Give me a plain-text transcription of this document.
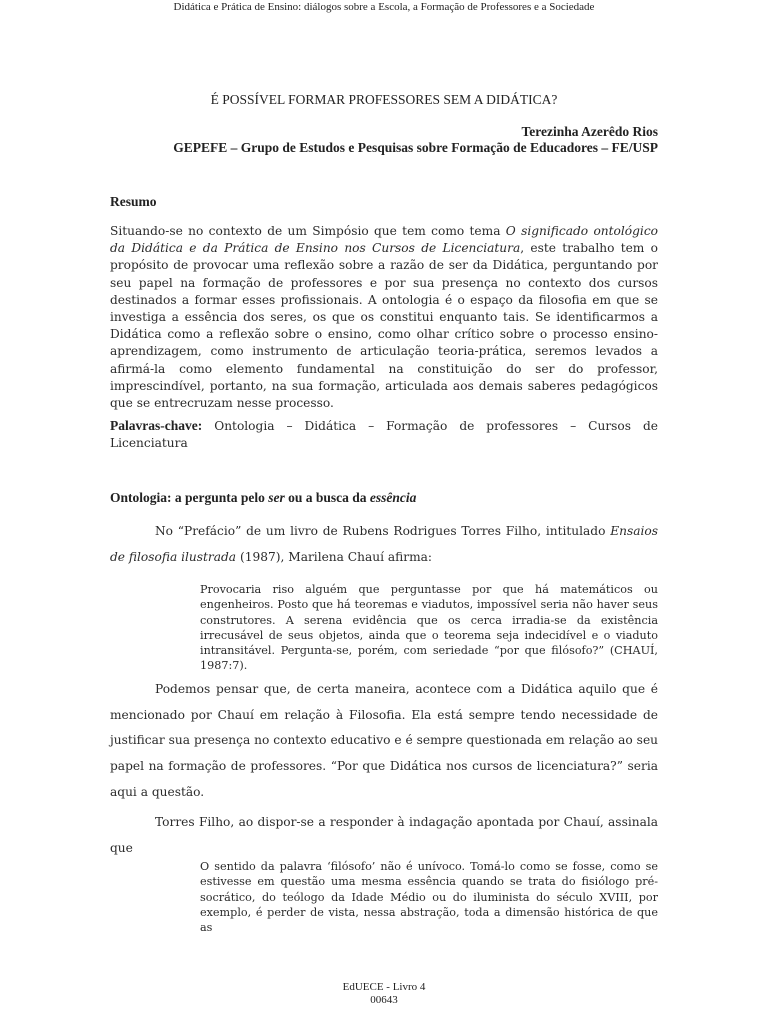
Didática e Prática de Ensino: diálogos sobre a Escola, a Formação de Professores e a Sociedade
É POSSÍVEL FORMAR PROFESSORES SEM A DIDÁTICA?
Terezinha Azerêdo Rios
GEPEFE – Grupo de Estudos e Pesquisas sobre Formação de Educadores – FE/USP
Resumo
Situando-se no contexto de um Simpósio que tem como tema O significado ontológico da Didática e da Prática de Ensino nos Cursos de Licenciatura, este trabalho tem o propósito de provocar uma reflexão sobre a razão de ser da Didática, perguntando por seu papel na formação de professores e por sua presença no contexto dos cursos destinados a formar esses profissionais. A ontologia é o espaço da filosofia em que se investiga a essência dos seres, os que os constitui enquanto tais. Se identificarmos a Didática como a reflexão sobre o ensino, como olhar crítico sobre o processo ensino-aprendizagem, como instrumento de articulação teoria-prática, seremos levados a afirmá-la como elemento fundamental na constituição do ser do professor, imprescindível, portanto, na sua formação, articulada aos demais saberes pedagógicos que se entrecruzam nesse processo.
Palavras-chave: Ontologia – Didática – Formação de professores – Cursos de Licenciatura
Ontologia: a pergunta pelo ser ou a busca da essência
No “Prefácio” de um livro de Rubens Rodrigues Torres Filho, intitulado Ensaios de filosofia ilustrada (1987), Marilena Chauí afirma:
Provocaria riso alguém que perguntasse por que há matemáticos ou engenheiros. Posto que há teoremas e viadutos, impossível seria não haver seus construtores. A serena evidência que os cerca irradia-se da existência irrecusável de seus objetos, ainda que o teorema seja indecidível e o viaduto intransitável. Pergunta-se, porém, com seriedade “por que filósofo?” (CHAUÍ, 1987:7).
Podemos pensar que, de certa maneira, acontece com a Didática aquilo que é mencionado por Chauí em relação à Filosofia. Ela está sempre tendo necessidade de justificar sua presença no contexto educativo e é sempre questionada em relação ao seu papel na formação de professores. “Por que Didática nos cursos de licenciatura?” seria aqui a questão.
Torres Filho, ao dispor-se a responder à indagação apontada por Chauí, assinala que
O sentido da palavra ‘filósofo’ não é unívoco. Tomá-lo como se fosse, como se estivesse em questão uma mesma essência quando se trata do fisiólogo pré-socrático, do teólogo da Idade Médio ou do iluminista do século XVIII, por exemplo, é perder de vista, nessa abstração, toda a dimensão histórica de que as
EdUECE - Livro 4
00643
